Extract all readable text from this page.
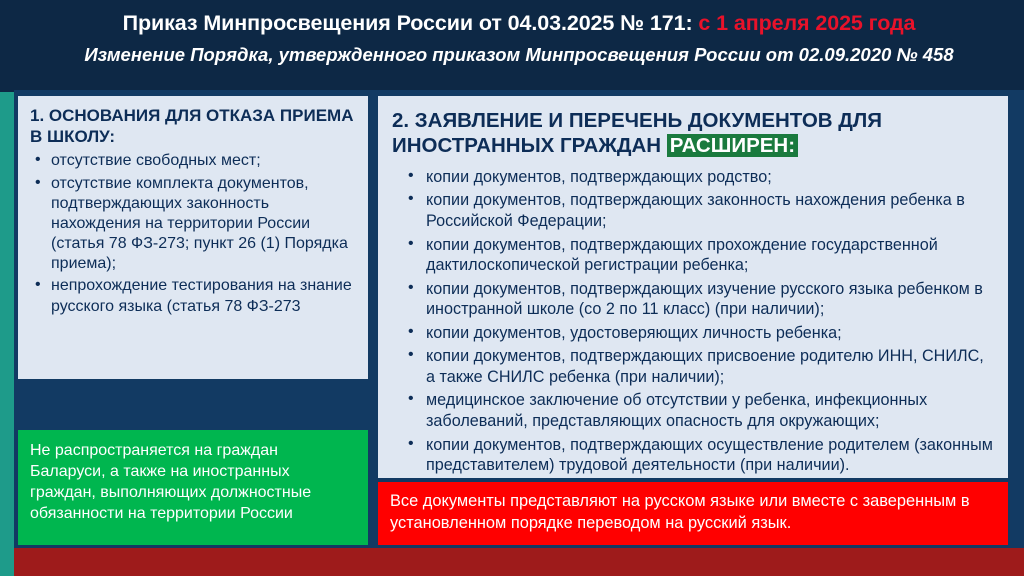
Приказ Минпросвещения России от 04.03.2025 № 171: с 1 апреля 2025 года
Изменение Порядка, утвержденного приказом Минпросвещения России от 02.09.2020 № 458
1. ОСНОВАНИЯ ДЛЯ ОТКАЗА ПРИЕМА В ШКОЛУ:
• отсутствие свободных мест;
• отсутствие комплекта документов, подтверждающих законность нахождения на территории России (статья 78 ФЗ-273; пункт 26 (1) Порядка приема);
• непрохождение тестирования на знание русского языка (статья 78 ФЗ-273

Не распространяется на граждан Баларуси, а также на иностранных граждан, выполняющих должностные обязанности на территории России

2. ЗАЯВЛЕНИЕ И ПЕРЕЧЕНЬ ДОКУМЕНТОВ ДЛЯ ИНОСТРАННЫХ ГРАЖДАН РАСШИРЕН:
• копии документов, подтверждающих родство;
• копии документов, подтверждающих законность нахождения ребенка в Российской Федерации;
• копии документов, подтверждающих прохождение государственной дактилоскопической регистрации ребенка;
• копии документов, подтверждающих изучение русского языка ребенком в иностранной школе (со 2 по 11 класс) (при наличии);
• копии документов, удостоверяющих личность ребенка;
• копии документов, подтверждающих присвоение родителю ИНН, СНИЛС, а также СНИЛС ребенка (при наличии);
• медицинское заключение об отсутствии у ребенка, инфекционных заболеваний, представляющих опасность для окружающих;
• копии документов, подтверждающих осуществление родителем (законным представителем) трудовой деятельности (при наличии).

Все документы представляют на русском языке или вместе с заверенным в установленном порядке переводом на русский язык.
